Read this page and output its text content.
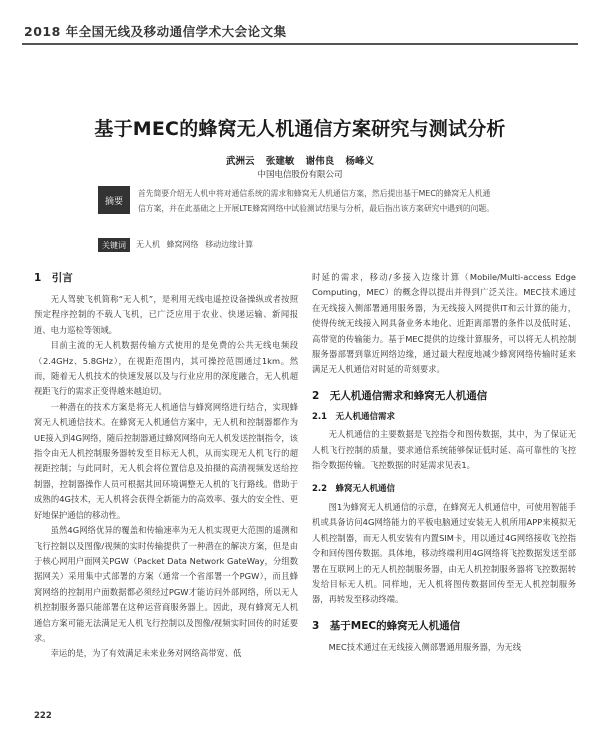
2018 年全国无线及移动通信学术大会论文集
基于MEC的蜂窝无人机通信方案研究与测试分析
武洲云 张建敏 谢伟良 杨峰义
中国电信股份有限公司
摘要
首先简要介绍无人机中将对通信系统的需求和蜂窝无人机通信方案，然后提出基于MEC的蜂窝无人机通信方案，并在此基础之上开展LTE蜂窝网络中试验测试结果与分析，最后指出该方案研究中遇到的问题。
关键词	无人机 蜂窝网络 移动边缘计算
1　引言

无人驾驶飞机简称“无人机”，是利用无线电遥控设备操纵或者按照预定程序控制的不载人飞机，已广泛应用于农业、快递运输、新闻报道、电力巡检等领域。

目前主流的无人机数据传输方式使用的是免费的公共无线电频段（2.4GHz、5.8GHz），在视距范围内，其可操控范围通过1km。然而，随着无人机技术的快速发展以及与行业应用的深度融合，无人机超视距飞行的需求正变得越来越迫切。

一种潜在的技术方案是将无人机通信与蜂窝网络进行结合，实现蜂窝无人机通信技术。在蜂窝无人机通信方案中，无人机和控制器都作为UE接入到4G网络，随后控制器通过蜂窝网络向无人机发送控制指令，该指令由无人机控制服务器转发至目标无人机，从而实现无人机飞行的超视距控制；与此同时，无人机会将位置信息及拍摄的高清视频发送给控制器，控制器操作人员可根据其回环境调整无人机的飞行路线。借助于成熟的4G技术，无人机将会获得全新能力的高效率、强大的安全性、更好地保护通信的移动性。

虽然4G网络优异的覆盖和传输速率为无人机实现更大范围的遥测和飞行控制以及图像/视频的实时传输提供了一种潜在的解决方案，但是由于核心网用户面网关PGW（Packet Data Network GateWay，分组数据网关）采用集中式部署的方案（通常一个省部署一个PGW），而且蜂窝网络的控制用户面数据都必须经过PGW才能访问外部网络，所以无人机控制服务器只能部署在这种运营商服务器上。因此，现有蜂窝无人机通信方案可能无法满足无人机飞行控制以及图像/视频实时回传的时延要求。

幸运的是，为了有效满足未来业务对网络高带宽、低

时延的需求，移动/多接入边缘计算（Mobile/Multi-access Edge Computing，MEC）的概念得以提出并得到广泛关注。MEC技术通过在无线接入侧部署通用服务器，为无线接入网提供IT和云计算的能力，使得传统无线接入网具备业务本地化、近距离部署的条件以及低时延、高带宽的传输能力。基于MEC提供的边缘计算服务，可以将无人机控制服务器部署到靠近网络边缘，通过最大程度地减少蜂窝网络传输时延来满足无人机通信对时延的苛刻要求。

2　无人机通信需求和蜂窝无人机通信
2.1　无人机通信需求

无人机通信的主要数据是飞控指令和图传数据，其中，为了保证无人机飞行控制的质量，要求通信系统能够保证低时延、高可靠性的飞控指令数据传输。飞控数据的时延需求见表1。

2.2　蜂窝无人机通信

图1为蜂窝无人机通信的示意，在蜂窝无人机通信中，可使用智能手机或具备访问4G网络能力的平板电脑通过安装无人机所用APP来模拟无人机控制器，而无人机安装有内置SIM卡，用以通过4G网络接收飞控指令和回传图传数据。具体地，移动终端利用4G网络将飞控数据发送至部署在互联网上的无人机控制服务器，由无人机控制服务器将飞控数据转发给目标无人机。同样地，无人机将图传数据回传至无人机控制服务器，再转发至移动终端。

3　基于MEC的蜂窝无人机通信

MEC技术通过在无线接入侧部署通用服务器，为无线

222
